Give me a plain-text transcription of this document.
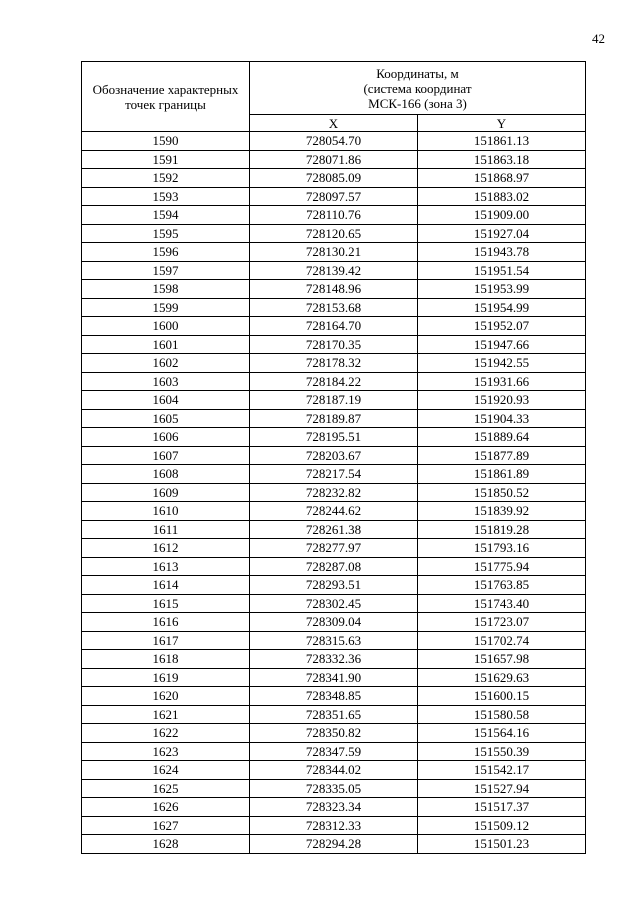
42
Обозначение характерных точек границы	Координаты, м
(система координат
МСК-166 (зона 3)	

	X	Y
1590	728054.70	151861.13
1591	728071.86	151863.18
1592	728085.09	151868.97
1593	728097.57	151883.02
1594	728110.76	151909.00
1595	728120.65	151927.04
1596	728130.21	151943.78
1597	728139.42	151951.54
1598	728148.96	151953.99
1599	728153.68	151954.99
1600	728164.70	151952.07
1601	728170.35	151947.66
1602	728178.32	151942.55
1603	728184.22	151931.66
1604	728187.19	151920.93
1605	728189.87	151904.33
1606	728195.51	151889.64
1607	728203.67	151877.89
1608	728217.54	151861.89
1609	728232.82	151850.52
1610	728244.62	151839.92
1611	728261.38	151819.28
1612	728277.97	151793.16
1613	728287.08	151775.94
1614	728293.51	151763.85
1615	728302.45	151743.40
1616	728309.04	151723.07
1617	728315.63	151702.74
1618	728332.36	151657.98
1619	728341.90	151629.63
1620	728348.85	151600.15
1621	728351.65	151580.58
1622	728350.82	151564.16
1623	728347.59	151550.39
1624	728344.02	151542.17
1625	728335.05	151527.94
1626	728323.34	151517.37
1627	728312.33	151509.12
1628	728294.28	151501.23
